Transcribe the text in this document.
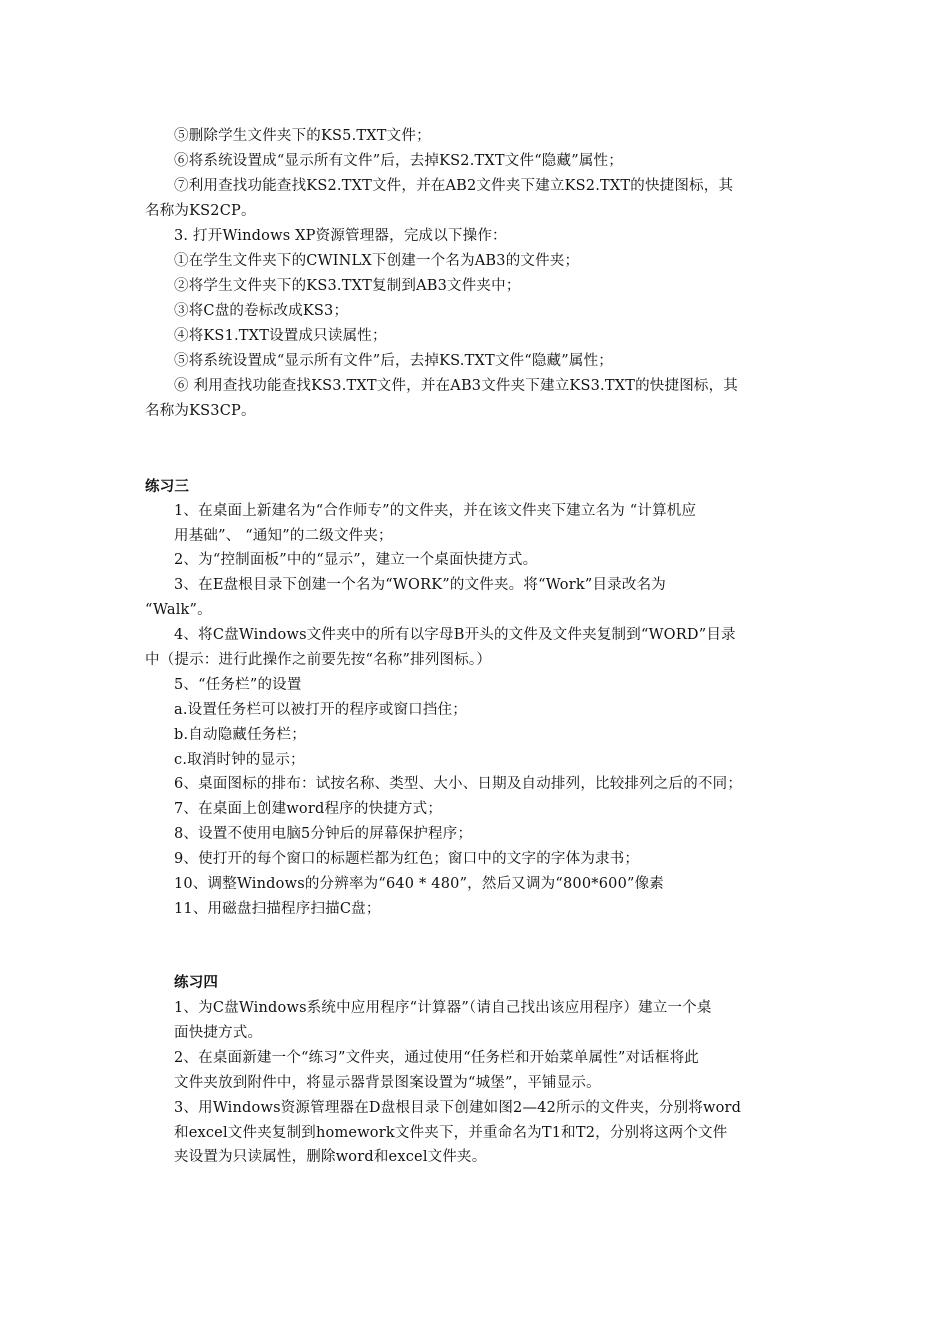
⑤删除学生文件夹下的KS5.TXT文件；
⑥将系统设置成“显示所有文件”后，去掉KS2.TXT文件“隐藏”属性；
⑦利用查找功能查找KS2.TXT文件，并在AB2文件夹下建立KS2.TXT的快捷图标，其
名称为KS2CP。
3. 打开Windows XP资源管理器，完成以下操作：
①在学生文件夹下的CWINLX下创建一个名为AB3的文件夹；
②将学生文件夹下的KS3.TXT复制到AB3文件夹中；
③将C盘的卷标改成KS3；
④将KS1.TXT设置成只读属性；
⑤将系统设置成“显示所有文件”后，去掉KS.TXT文件“隐藏”属性；
⑥ 利用查找功能查找KS3.TXT文件，并在AB3文件夹下建立KS3.TXT的快捷图标，其
名称为KS3CP。
练习三
1、在桌面上新建名为“合作师专”的文件夹，并在该文件夹下建立名为 “计算机应
用基础”、 “通知”的二级文件夹；
2、为“控制面板”中的“显示”，建立一个桌面快捷方式。
3、在E盘根目录下创建一个名为“WORK”的文件夹。将“Work”目录改名为
“Walk”。
4、将C盘Windows文件夹中的所有以字母B开头的文件及文件夹复制到“WORD”目录
中（提示：进行此操作之前要先按“名称”排列图标。）
5、“任务栏”的设置
a.设置任务栏可以被打开的程序或窗口挡住；
b.自动隐藏任务栏；
c.取消时钟的显示；
6、桌面图标的排布：试按名称、类型、大小、日期及自动排列，比较排列之后的不同；
7、在桌面上创建word程序的快捷方式；
8、设置不使用电脑5分钟后的屏幕保护程序；
9、使打开的每个窗口的标题栏都为红色；窗口中的文字的字体为隶书；
10、调整Windows的分辨率为“640 * 480”，然后又调为“800*600”像素
11、用磁盘扫描程序扫描C盘；
练习四
1、为C盘Windows系统中应用程序“计算器”（请自己找出该应用程序）建立一个桌
面快捷方式。
2、在桌面新建一个“练习”文件夹，通过使用“任务栏和开始菜单属性”对话框将此
文件夹放到附件中，将显示器背景图案设置为“城堡”，平铺显示。
3、用Windows资源管理器在D盘根目录下创建如图2—42所示的文件夹，分别将word
和excel文件夹复制到homework文件夹下，并重命名为T1和T2，分别将这两个文件
夹设置为只读属性，删除word和excel文件夹。
